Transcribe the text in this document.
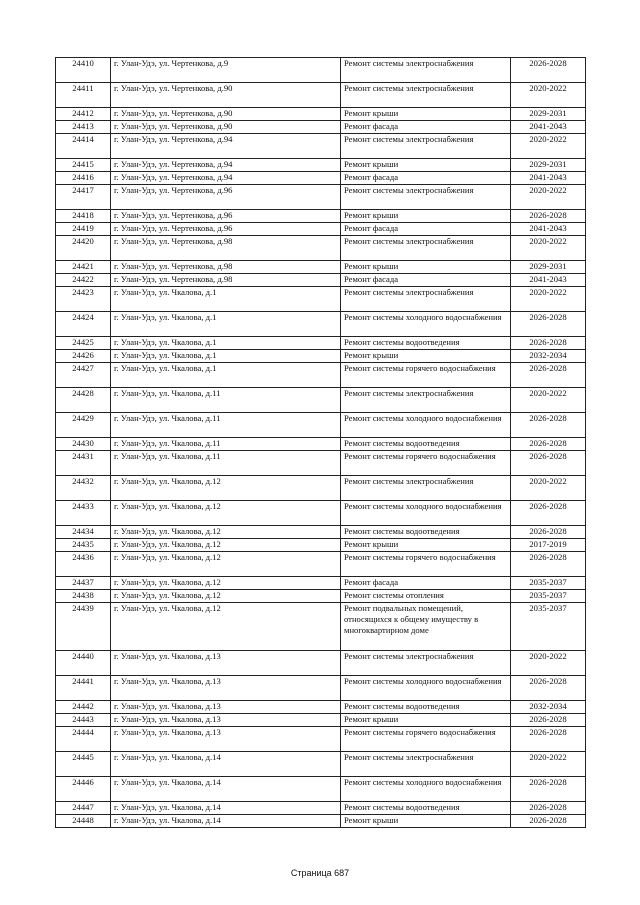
24410	г. Улан-Удэ, ул. Чертенкова, д.9	Ремонт системы электроснабжения	2026-2028
24411	г. Улан-Удэ, ул. Чертенкова, д.90	Ремонт системы электроснабжения	2020-2022
24412	г. Улан-Удэ, ул. Чертенкова, д.90	Ремонт крыши	2029-2031
24413	г. Улан-Удэ, ул. Чертенкова, д.90	Ремонт фасада	2041-2043
24414	г. Улан-Удэ, ул. Чертенкова, д.94	Ремонт системы электроснабжения	2020-2022
24415	г. Улан-Удэ, ул. Чертенкова, д.94	Ремонт крыши	2029-2031
24416	г. Улан-Удэ, ул. Чертенкова, д.94	Ремонт фасада	2041-2043
24417	г. Улан-Удэ, ул. Чертенкова, д.96	Ремонт системы электроснабжения	2020-2022
24418	г. Улан-Удэ, ул. Чертенкова, д.96	Ремонт крыши	2026-2028
24419	г. Улан-Удэ, ул. Чертенкова, д.96	Ремонт фасада	2041-2043
24420	г. Улан-Удэ, ул. Чертенкова, д.98	Ремонт системы электроснабжения	2020-2022
24421	г. Улан-Удэ, ул. Чертенкова, д.98	Ремонт крыши	2029-2031
24422	г. Улан-Удэ, ул. Чертенкова, д.98	Ремонт фасада	2041-2043
24423	г. Улан-Удэ, ул. Чкалова, д.1	Ремонт системы электроснабжения	2020-2022
24424	г. Улан-Удэ, ул. Чкалова, д.1	Ремонт системы холодного водоснабжения	2026-2028
24425	г. Улан-Удэ, ул. Чкалова, д.1	Ремонт системы водоотведения	2026-2028
24426	г. Улан-Удэ, ул. Чкалова, д.1	Ремонт крыши	2032-2034
24427	г. Улан-Удэ, ул. Чкалова, д.1	Ремонт системы горячего водоснабжения	2026-2028
24428	г. Улан-Удэ, ул. Чкалова, д.11	Ремонт системы электроснабжения	2020-2022
24429	г. Улан-Удэ, ул. Чкалова, д.11	Ремонт системы холодного водоснабжения	2026-2028
24430	г. Улан-Удэ, ул. Чкалова, д.11	Ремонт системы водоотведения	2026-2028
24431	г. Улан-Удэ, ул. Чкалова, д.11	Ремонт системы горячего водоснабжения	2026-2028
24432	г. Улан-Удэ, ул. Чкалова, д.12	Ремонт системы электроснабжения	2020-2022
24433	г. Улан-Удэ, ул. Чкалова, д.12	Ремонт системы холодного водоснабжения	2026-2028
24434	г. Улан-Удэ, ул. Чкалова, д.12	Ремонт системы водоотведения	2026-2028
24435	г. Улан-Удэ, ул. Чкалова, д.12	Ремонт крыши	2017-2019
24436	г. Улан-Удэ, ул. Чкалова, д.12	Ремонт системы горячего водоснабжения	2026-2028
24437	г. Улан-Удэ, ул. Чкалова, д.12	Ремонт фасада	2035-2037
24438	г. Улан-Удэ, ул. Чкалова, д.12	Ремонт системы отопления	2035-2037
24439	г. Улан-Удэ, ул. Чкалова, д.12	Ремонт подвальных помещений, относящихся к общему имуществу в многоквартирном доме	2035-2037
24440	г. Улан-Удэ, ул. Чкалова, д.13	Ремонт системы электроснабжения	2020-2022
24441	г. Улан-Удэ, ул. Чкалова, д.13	Ремонт системы холодного водоснабжения	2026-2028
24442	г. Улан-Удэ, ул. Чкалова, д.13	Ремонт системы водоотведения	2032-2034
24443	г. Улан-Удэ, ул. Чкалова, д.13	Ремонт крыши	2026-2028
24444	г. Улан-Удэ, ул. Чкалова, д.13	Ремонт системы горячего водоснабжения	2026-2028
24445	г. Улан-Удэ, ул. Чкалова, д.14	Ремонт системы электроснабжения	2020-2022
24446	г. Улан-Удэ, ул. Чкалова, д.14	Ремонт системы холодного водоснабжения	2026-2028
24447	г. Улан-Удэ, ул. Чкалова, д.14	Ремонт системы водоотведения	2026-2028
24448	г. Улан-Удэ, ул. Чкалова, д.14	Ремонт крыши	2026-2028
Страница 687
